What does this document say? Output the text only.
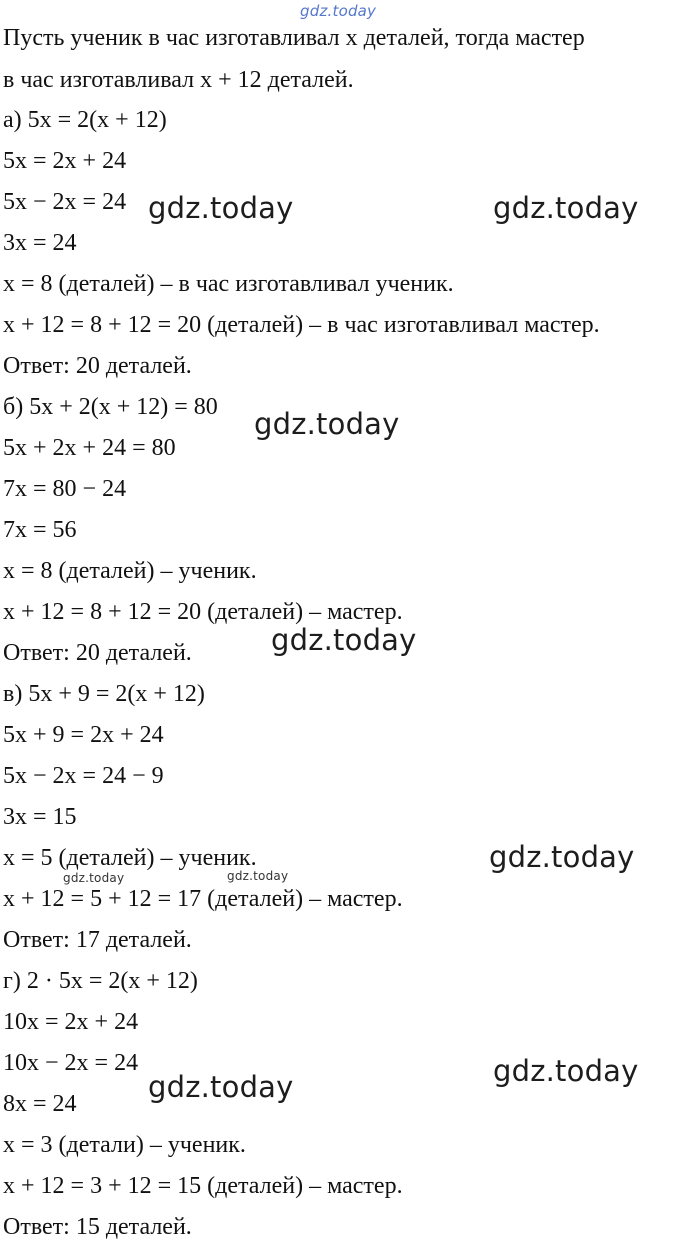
gdz.today
Пусть ученик в час изготавливал x деталей, тогда мастер
в час изготавливал x + 12 деталей.
а) 5x = 2(x + 12)
5x = 2x + 24
5x − 2x = 24
3x = 24
x = 8 (деталей) – в час изготавливал ученик.
x + 12 = 8 + 12 = 20 (деталей) – в час изготавливал мастер.
Ответ: 20 деталей.
б) 5x + 2(x + 12) = 80
5x + 2x + 24 = 80
7x = 80 − 24
7x = 56
x = 8 (деталей) – ученик.
x + 12 = 8 + 12 = 20 (деталей) – мастер.
Ответ: 20 деталей.
в) 5x + 9 = 2(x + 12)
5x + 9 = 2x + 24
5x − 2x = 24 − 9
3x = 15
x = 5 (деталей) – ученик.
x + 12 = 5 + 12 = 17 (деталей) – мастер.
Ответ: 17 деталей.
г) 2 · 5x = 2(x + 12)
10x = 2x + 24
10x − 2x = 24
8x = 24
x = 3 (детали) – ученик.
x + 12 = 3 + 12 = 15 (деталей) – мастер.
Ответ: 15 деталей.
gdz.today	gdz.today
gdz.today
gdz.today
gdz.today
gdz.today	gdz.today
gdz.today	gdz.today
